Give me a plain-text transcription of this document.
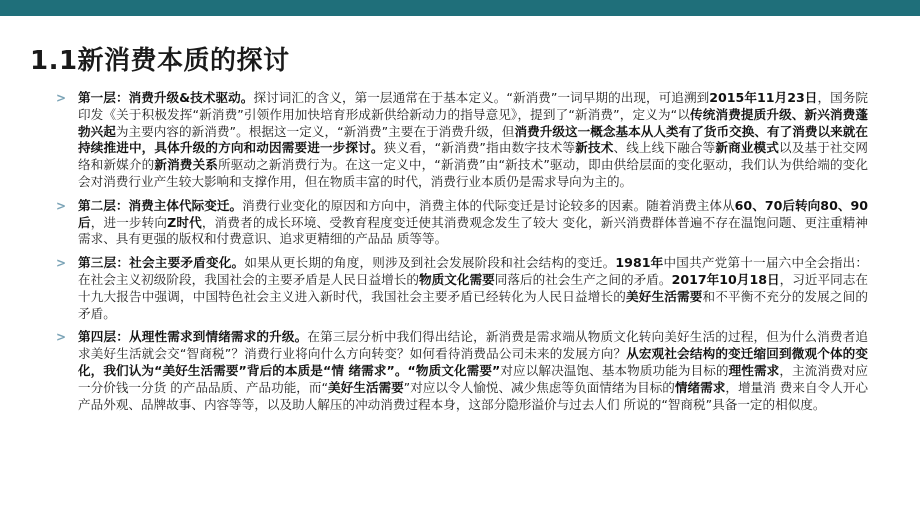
1.1新消费本质的探讨

> 第一层：消费升级&技术驱动。探讨词汇的含义，第一层通常在于基本定义。“新消费”一词早期的出现，可追溯到2015年11月23日，国务院印发《关于积极发挥“新消费”引领作用加快培育形成新供给新动力的指导意见》，提到了“新消费”，定义为“以传统消费提质升级、新兴消费蓬勃兴起为主要内容的新消费”。根据这一定义，“新消费”主要在于消费升级，但消费升级这一概念基本从人类有了货币交换、有了消费以来就在持续推进中，具体升级的方向和动因需要进一步探讨。狭义看，“新消费”指由数字技术等新技术、线上线下融合等新商业模式以及基于社交网络和新媒介的新消费关系所驱动之新消费行为。在这一定义中，“新消费”由“新技术”驱动，即由供给层面的变化驱动，我们认为供给端的变化会对消费行业产生较大影响和支撑作用，但在物质丰富的时代，消费行业本质仍是需求导向为主的。

> 第二层：消费主体代际变迁。消费行业变化的原因和方向中，消费主体的代际变迁是讨论较多的因素。随着消费主体从60、70后转向80、90后，进一步转向Z时代，消费者的成长环境、受教育程度变迁使其消费观念发生了较大 变化，新兴消费群体普遍不存在温饱问题、更注重精神需求、具有更强的版权和付费意识、追求更精细的产品品 质等等。

> 第三层：社会主要矛盾变化。如果从更长期的角度，则涉及到社会发展阶段和社会结构的变迁。1981年中国共产党第十一届六中全会指出：在社会主义初级阶段，我国社会的主要矛盾是人民日益增长的物质文化需要同落后的社会生产之间的矛盾。2017年10月18日，习近平同志在十九大报告中强调，中国特色社会主义进入新时代，我国社会主要矛盾已经转化为人民日益增长的美好生活需要和不平衡不充分的发展之间的矛盾。

> 第四层：从理性需求到情绪需求的升级。在第三层分析中我们得出结论，新消费是需求端从物质文化转向美好生活的过程，但为什么消费者追求美好生活就会交“智商税”？消费行业将向什么方向转变？如何看待消费品公司未来的发展方向？从宏观社会结构的变迁缩回到微观个体的变化，我们认为“美好生活需要”背后的本质是“情 绪需求”。“物质文化需要”对应以解决温饱、基本物质功能为目标的理性需求，主流消费对应一分价钱一分货 的产品品质、产品功能，而“美好生活需要”对应以令人愉悦、减少焦虑等负面情绪为目标的情绪需求，增量消 费来自令人开心产品外观、品牌故事、内容等等，以及助人解压的冲动消费过程本身，这部分隐形溢价与过去人们 所说的“智商税”具备一定的相似度。
